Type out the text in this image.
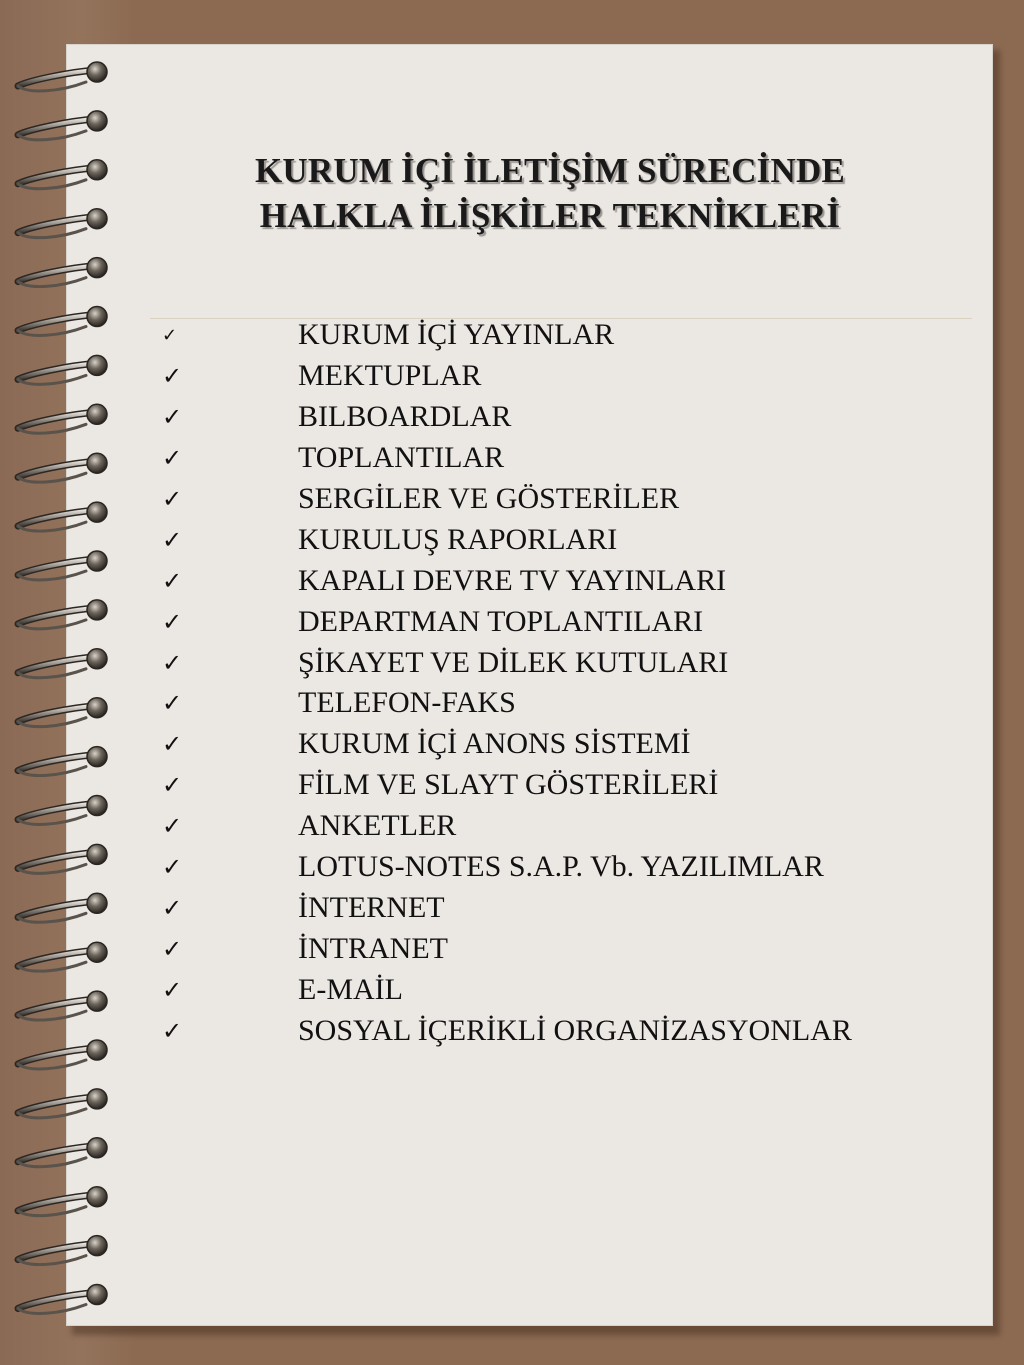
KURUM İÇİ İLETİŞİM SÜRECİNDE
HALKLA İLİŞKİLER TEKNİKLERİ
✓	KURUM İÇİ YAYINLAR
✓	MEKTUPLAR
✓	BILBOARDLAR
✓	TOPLANTILAR
✓	SERGİLER VE GÖSTERİLER
✓	KURULUŞ RAPORLARI
✓	KAPALI DEVRE TV YAYINLARI
✓	DEPARTMAN TOPLANTILARI
✓	ŞİKAYET VE DİLEK KUTULARI
✓	TELEFON-FAKS
✓	KURUM İÇİ ANONS SİSTEMİ
✓	FİLM VE SLAYT GÖSTERİLERİ
✓	ANKETLER
✓	LOTUS-NOTES S.A.P. Vb. YAZILIMLAR
✓	İNTERNET
✓	İNTRANET
✓	E-MAİL
✓	SOSYAL İÇERİKLİ ORGANİZASYONLAR
